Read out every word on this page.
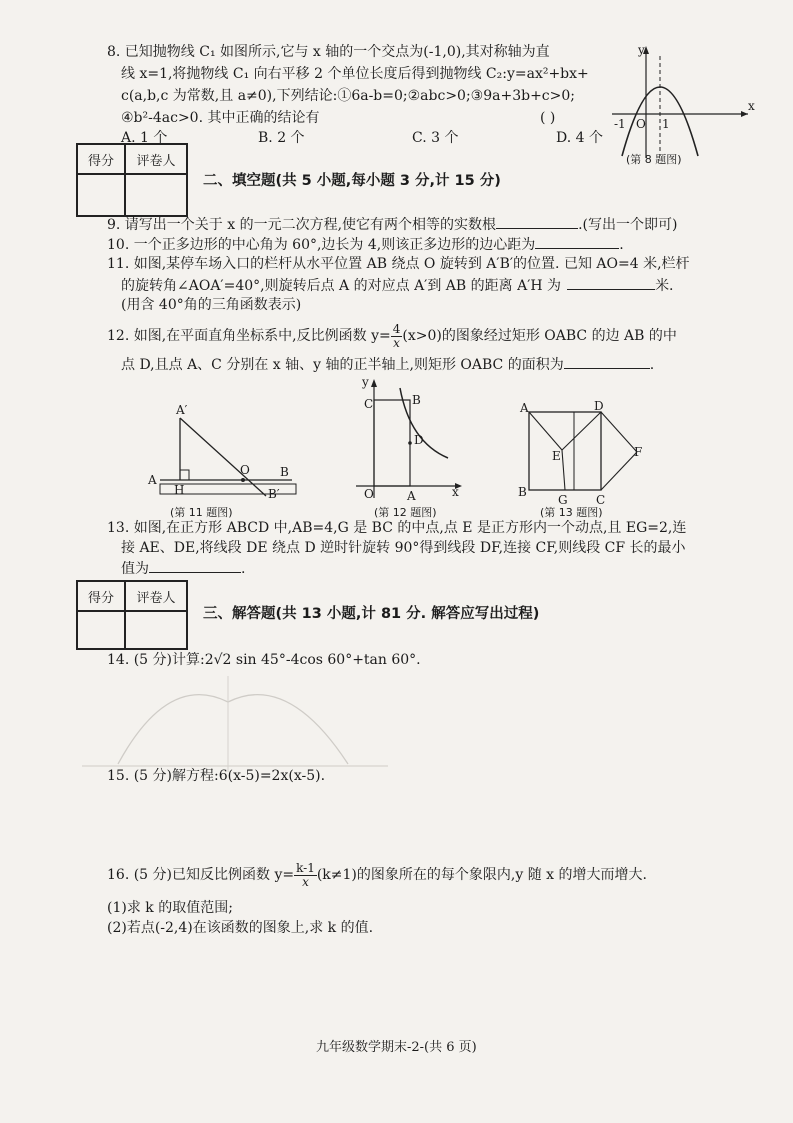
8. 已知抛物线 C₁ 如图所示,它与 x 轴的一个交点为(-1,0),其对称轴为直
线 x=1,将抛物线 C₁ 向右平移 2 个单位长度后得到抛物线 C₂:y=ax²+bx+
c(a,b,c 为常数,且 a≠0),下列结论:①6a-b=0;②abc>0;③9a+3b+c>0;
④b²-4ac>0. 其中正确的结论有	( )
A. 1 个	B. 2 个	C. 3 个	D. 4 个
y
x
-1 O 1
(第 8 题图)
得分	评卷人

二、填空题(共 5 小题,每小题 3 分,计 15 分)
9. 请写出一个关于 x 的一元二次方程,使它有两个相等的实数根	.(写出一个即可)
10. 一个正多边形的中心角为 60°,边长为 4,则该正多边形的边心距为	.
11. 如图,某停车场入口的栏杆从水平位置 AB 绕点 O 旋转到 A′B′的位置. 已知 AO=4 米,栏杆
的旋转角∠AOA′=40°,则旋转后点 A 的对应点 A′到 AB 的距离 A′H 为	米.
(用含 40°角的三角函数表示)
12. 如图,在平面直角坐标系中,反比例函数 $y= \frac{4}{x} (x>0)$的图象经过矩形 OABC 的边 AB 的中
点 D,且点 A、C 分别在 x 轴、y 轴的正半轴上,则矩形 OABC 的面积为	.
A′
A
H
O	B
B′
(第 11 题图)
C	B
D
O	A	x
y
(第 12 题图)
A	D
E	F
B
G C
(第 13 题图)
13. 如图,在正方形 ABCD 中,AB=4,G 是 BC 的中点,点 E 是正方形内一个动点,且 EG=2,连
接 AE、DE,将线段 DE 绕点 D 逆时针旋转 90°得到线段 DF,连接 CF,则线段 CF 长的最小
值为	.
得分	评卷人

三、解答题(共 13 小题,计 81 分. 解答应写出过程)
14. (5 分)计算:2√2 sin 45°-4cos 60°+tan 60°.
15. (5 分)解方程:6(x-5)=2x(x-5).
16. (5 分)已知反比例函数 $y= \frac{k-1}{x} (k\ne 1)$的图象所在的每个象限内,y 随 x 的增大而增大.
(1)求 k 的取值范围;
(2)若点(-2,4)在该函数的图象上,求 k 的值.
九年级数学期末-2-(共 6 页)
